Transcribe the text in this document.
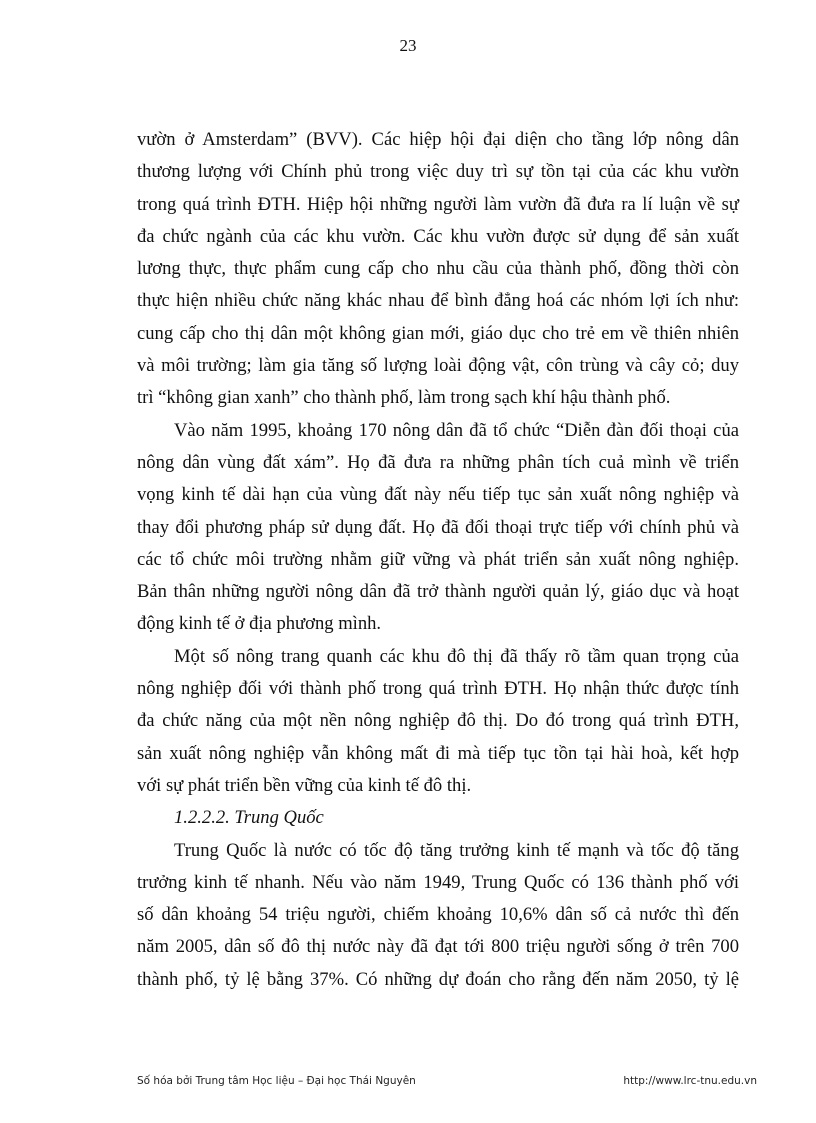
23

vườn ở Amsterdam” (BVV). Các hiệp hội đại diện cho tầng lớp nông dân

thương lượng với Chính phủ trong việc duy trì sự tồn tại của các khu vườn

trong quá trình ĐTH. Hiệp hội những người làm vườn đã đưa ra lí luận về sự

đa chức ngành của các khu vườn. Các khu vườn được sử dụng để sản xuất

lương thực, thực phẩm cung cấp cho nhu cầu của thành phố, đồng thời còn

thực hiện nhiều chức năng khác nhau để bình đẳng hoá các nhóm lợi ích như:

cung cấp cho thị dân một không gian mới, giáo dục cho trẻ em về thiên nhiên

và môi trường; làm gia tăng số lượng loài động vật, côn trùng và cây cỏ; duy

trì “không gian xanh” cho thành phố, làm trong sạch khí hậu thành phố.

Vào năm 1995, khoảng 170 nông dân đã tổ chức “Diễn đàn đối thoại của

nông dân vùng đất xám”. Họ đã đưa ra những phân tích cuả mình về triển

vọng kinh tế dài hạn của vùng đất này nếu tiếp tục sản xuất nông nghiệp và

thay đổi phương pháp sử dụng đất. Họ đã đối thoại trực tiếp với chính phủ và

các tổ chức môi trường nhằm giữ vững và phát triển sản xuất nông nghiệp.

Bản thân những người nông dân đã trở thành người quản lý, giáo dục và hoạt

động kinh tế ở địa phương mình.

Một số nông trang quanh các khu đô thị đã thấy rõ tầm quan trọng của

nông nghiệp đối với thành phố trong quá trình ĐTH. Họ nhận thức được tính

đa chức năng của một nền nông nghiệp đô thị. Do đó trong quá trình ĐTH,

sản xuất nông nghiệp vẫn không mất đi mà tiếp tục tồn tại hài hoà, kết hợp

với sự phát triển bền vững của kinh tế đô thị.

1.2.2.2. Trung Quốc

Trung Quốc là nước có tốc độ tăng trưởng kinh tế mạnh và tốc độ tăng

trưởng kinh tế nhanh. Nếu vào năm 1949, Trung Quốc có 136 thành phố với

số dân khoảng 54 triệu người, chiếm khoảng 10,6% dân số cả nước thì đến

năm 2005, dân số đô thị nước này đã đạt tới 800 triệu người sống ở trên 700

thành phố, tỷ lệ bằng 37%. Có những dự đoán cho rằng đến năm 2050, tỷ lệ

Số hóa bởi Trung tâm Học liệu – Đại học Thái Nguyên	http://www.lrc-tnu.edu.vn
